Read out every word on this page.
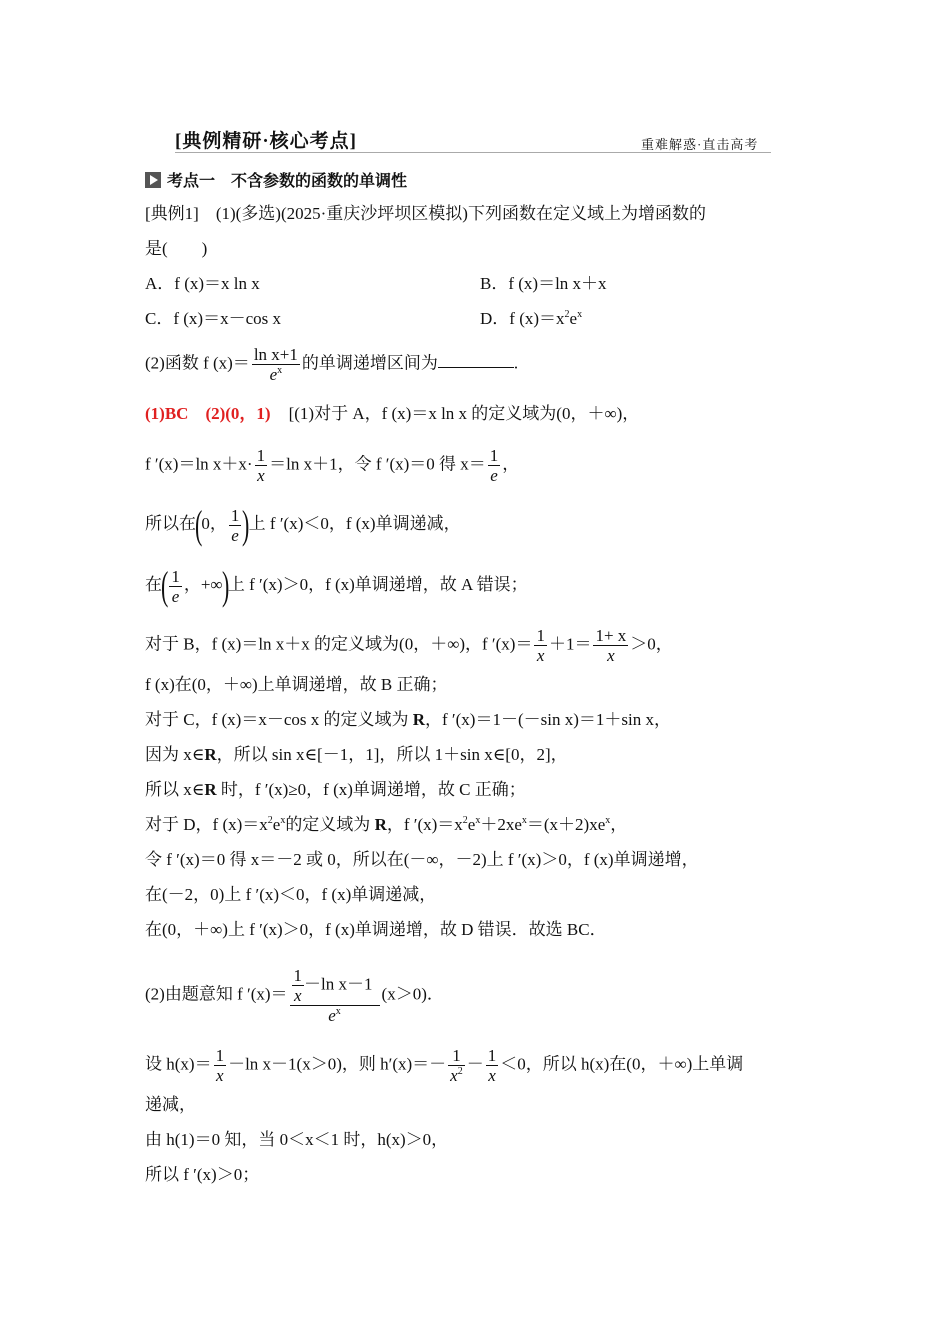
[典例精研·核心考点]	重难解惑·直击高考
考点一　不含参数的函数的单调性
[典例1]　(1)(多选)(2025·重庆沙坪坝区模拟)下列函数在定义域上为增函数的
是(　　)
A．f (x)＝x ln x	B．f (x)＝ln x＋x
C．f (x)＝x－cos x	D．f $(x)=x^2e^x$
(2)函数 f $(x)= \frac{\text{ln x+1}}{e^x}$ 的单调递增区间为	.
(1)BC　(2)(0，1) [(1)对于 A，f (x)＝x ln x 的定义域为(0，＋∞)，
f ′(x)＝ln $x+x\cdot \frac{1}{x} =\ln$ x＋1，令 f ′(x)＝0 得 $x= \frac{1}{e}$ ，
所以在(0， $\frac{1}{e}$ )上 f ′(x)＜0，f (x)单调递减，
在( $\frac{1}{e}$ ，+∞)上 f ′(x)＞0，f (x)单调递增，故 A 错误；
对于 B，f (x)＝ln x＋x 的定义域为(0，＋∞)，f $'(x)= \frac{1}{x} +1= \frac{1+ x}{x} >0$，
f (x)在(0，＋∞)上单调递增，故 B 正确；
对于 C，f (x)＝x－cos x 的定义域为 R，f ′(x)＝1－(－sin x)＝1＋sin x，
因为 x∈R，所以 sin x∈[－1，1]，所以 1＋sin x∈[0，2]，
所以 x∈R 时，f ′(x)≥0，f (x)单调递增，故 C 正确；
对于 D，f $(x)=x^2e^x$的定义域为 R，f $'(x)=x^2e^x+2xe^x=(x+2)xe^x$，
令 f ′(x)＝0 得 x＝－2 或 0，所以在(－∞，－2)上 f ′(x)＞0，f (x)单调递增，
在(－2，0)上 f ′(x)＜0，f (x)单调递减，
在(0，＋∞)上 f ′(x)＞0，f (x)单调递增，故 D 错误．故选 BC．
(2)由题意知 f $'(x)= \frac{\frac{1}{x} -\ln x-1}{e^x} (x>0)$．
设 $h(x)= \frac{1}{x} -\ln$ x－1(x＞0)，则 $h'(x)=- \frac{1}{x^2} - \frac{1}{x} <0$，所以 h(x)在(0，＋∞)上单调
递减，
由 h(1)＝0 知，当 0＜x＜1 时，h(x)＞0，
所以 f ′(x)＞0；
